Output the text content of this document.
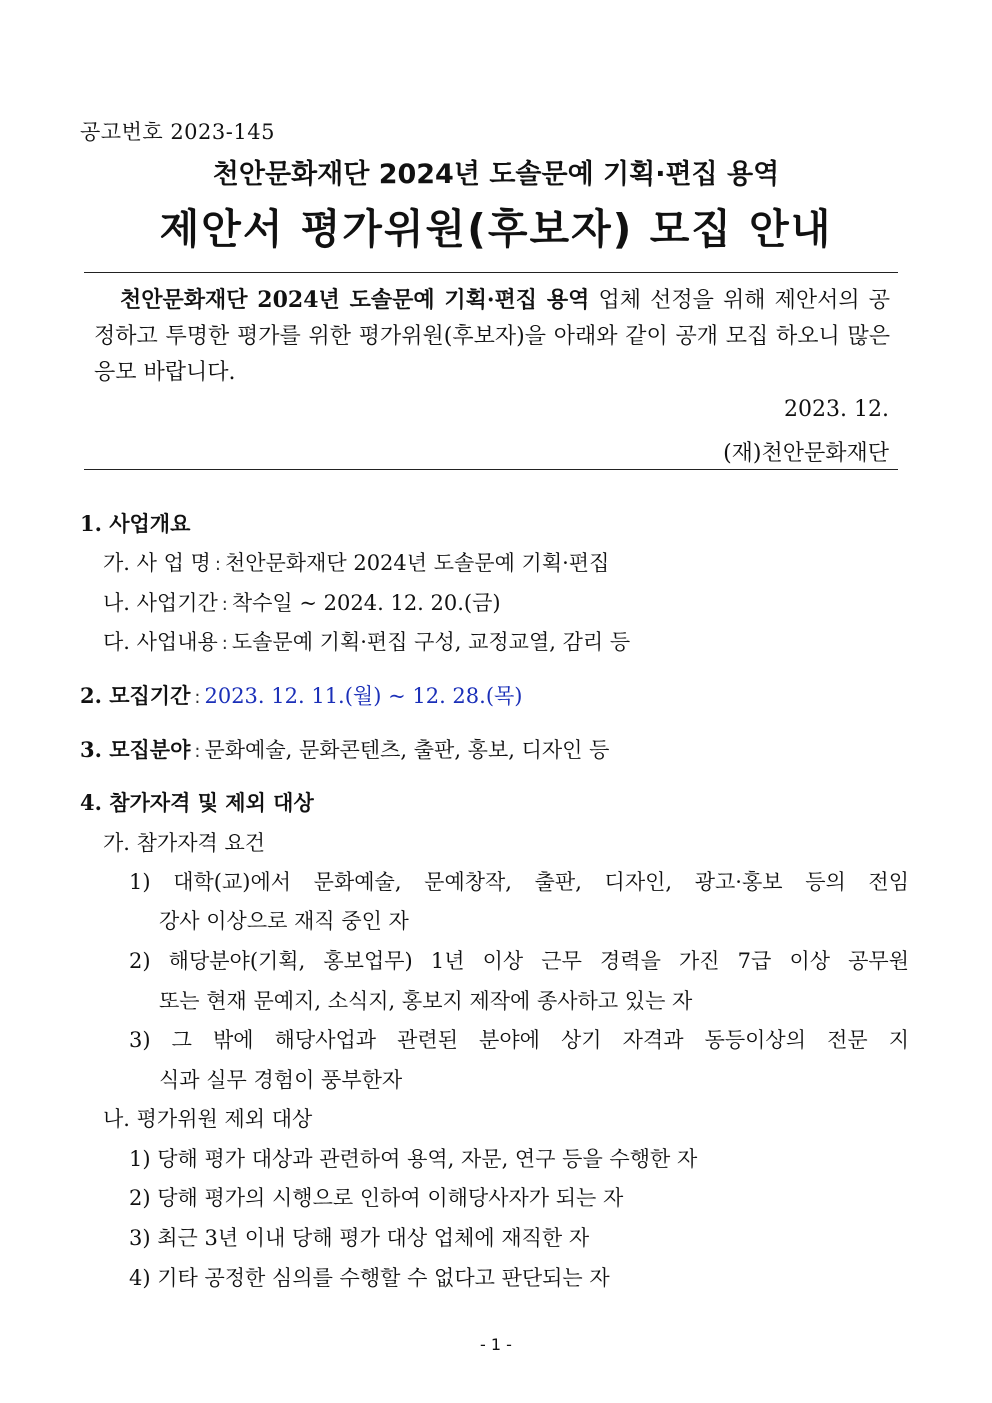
공고번호 2023-145
천안문화재단 2024년 도솔문예 기획·편집 용역
제안서 평가위원(후보자) 모집 안내
천안문화재단 2024년 도솔문예 기획·편집 용역 업체 선정을 위해 제안서의 공정하고 투명한 평가를 위한 평가위원(후보자)을 아래와 같이 공개 모집 하오니 많은 응모 바랍니다.
2023. 12.
(재)천안문화재단
1. 사업개요
가. 사 업 명 : 천안문화재단 2024년 도솔문예 기획·편집
나. 사업기간 : 착수일 ~ 2024. 12. 20.(금)
다. 사업내용 : 도솔문예 기획·편집 구성, 교정교열, 감리 등
2. 모집기간 : 2023. 12. 11.(월) ~ 12. 28.(목)
3. 모집분야 : 문화예술, 문화콘텐츠, 출판, 홍보, 디자인 등
4. 참가자격 및 제외 대상
가. 참가자격 요건
1) 대학(교)에서 문화예술, 문예창작, 출판, 디자인, 광고·홍보 등의 전임
강사 이상으로 재직 중인 자
2) 해당분야(기획, 홍보업무) 1년 이상 근무 경력을 가진 7급 이상 공무원
또는 현재 문예지, 소식지, 홍보지 제작에 종사하고 있는 자
3) 그 밖에 해당사업과 관련된 분야에 상기 자격과 동등이상의 전문 지
식과 실무 경험이 풍부한자
나. 평가위원 제외 대상
1) 당해 평가 대상과 관련하여 용역, 자문, 연구 등을 수행한 자
2) 당해 평가의 시행으로 인하여 이해당사자가 되는 자
3) 최근 3년 이내 당해 평가 대상 업체에 재직한 자
4) 기타 공정한 심의를 수행할 수 없다고 판단되는 자
- 1 -
